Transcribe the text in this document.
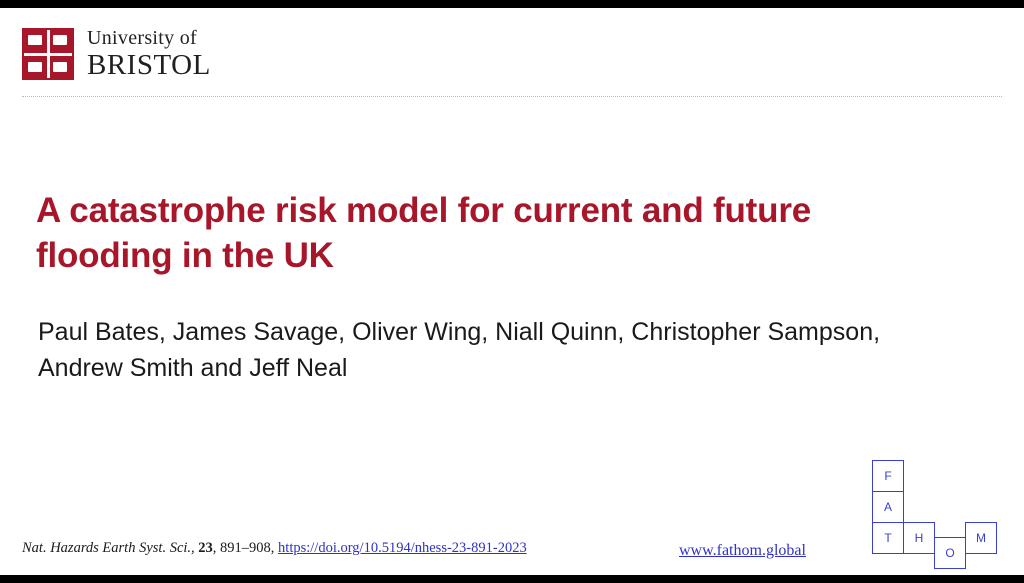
University of
BRISTOL
A catastrophe risk model for current and future flooding in the UK
Paul Bates, James Savage, Oliver Wing, Niall Quinn, Christopher Sampson, Andrew Smith and Jeff Neal
Nat. Hazards Earth Syst. Sci., 23, 891–908, https://doi.org/10.5194/nhess-23-891-2023	www.fathom.global
F
A
T	H	M
O
